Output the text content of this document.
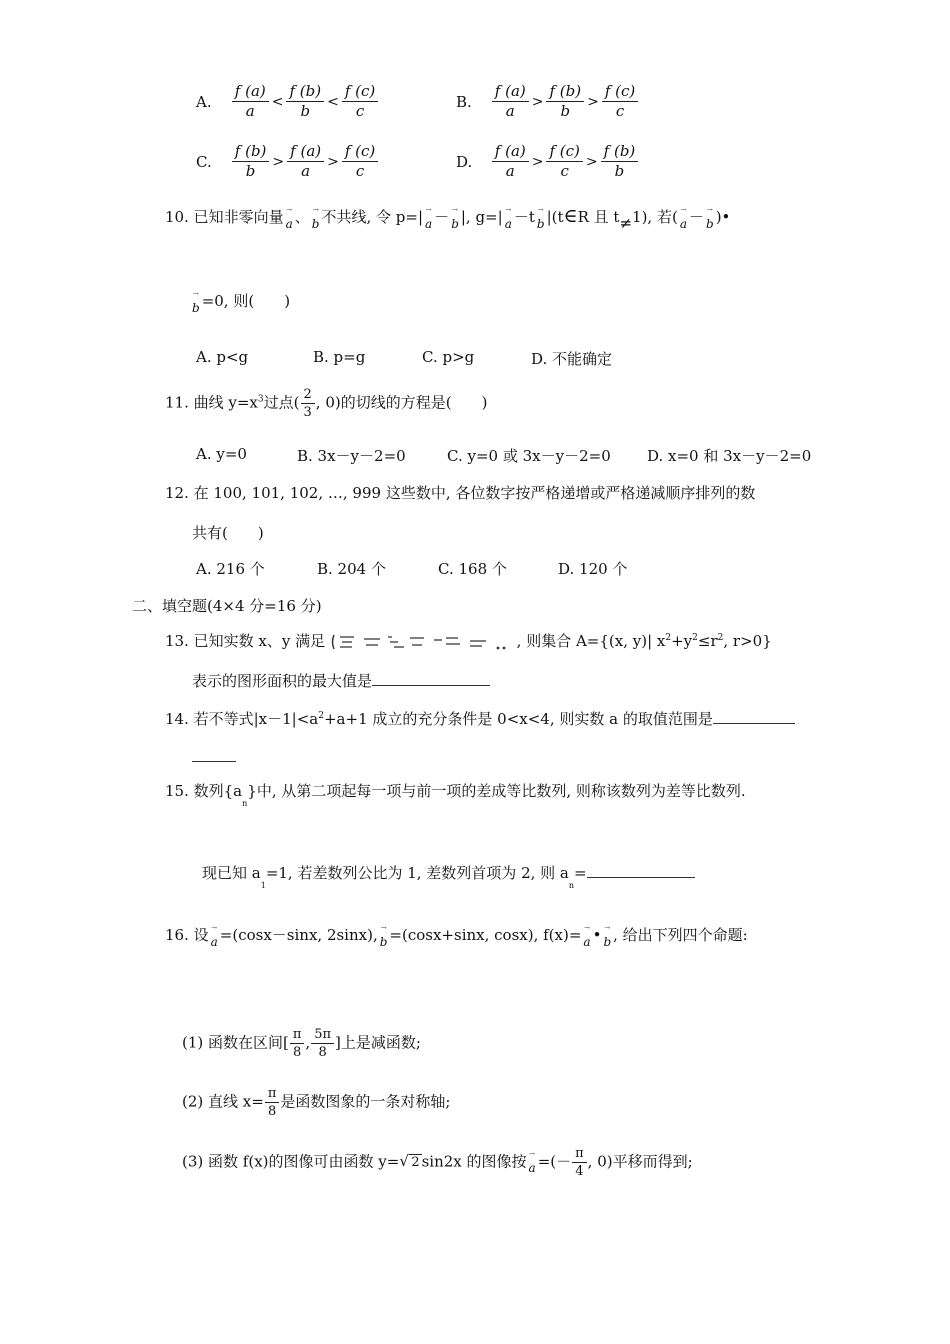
A. $\frac{f (a)}{a} < \frac{f (b)}{b} < \frac{f (c)}{c}$	B. $\frac{f (a)}{a} > \frac{f (b)}{b} > \frac{f (c)}{c}$
C. $\frac{f (b)}{b} > \frac{f (a)}{a} > \frac{f (c)}{c}$	D. $\frac{f (a)}{a} > \frac{f (c)}{c} > \frac{f (b)}{b}$
10. 已知非零向量 →
a 、 →
b 不共线, 令 p=| →
a － →
b |, g=| →
a －t →
b |(t∈R 且 t≠1), 若( →
a － →
b )•
→
b =0, 则(　　)
A. p<g	B. p=g	C. p>g	D. 不能确定
11. 曲线 $y=x^3$过点( $\frac{2}{3}$ , 0)的切线的方程是(　　)
A. y=0	B. 3x－y－2=0	C. y=0 或 3x－y－2=0 D. x=0 和 3x－y－2=0
12. 在 100, 101, 102, …, 999 这些数中, 各位数字按严格递增或严格递减顺序排列的数
共有(　　)
A. 216 个	B. 204 个	C. 168 个	D. 120 个
二、填空题(4×4 分=16 分)
13. 已知实数 x、y 满足	, 则集合 A={(x, y)| $x^2+y^2\le r^2$, r>0}
表示的图形面积的最大值是
14. 若不等式$|x-1|<a^2+a+1$ 成立的充分条件是 0<x<4, 则实数 a 的取值范围是
15. 数列$\{a_n\}$中, 从第二项起每一项与前一项的差成等比数列, 则称该数列为差等比数列.
现已知 $a_1=1$, 若差数列公比为 1, 差数列首项为 2, 则 $a_n=$
16. 设 →
a =(cosx－sinx, 2sinx), →
b =(cosx+sinx, cosx), f(x)= →
a • →
b , 给出下列四个命题:
(1) 函数在区间[ $\frac{\pi}{8}$ , $\frac{5\pi}{8}$ ]上是减函数;
(2) 直线 $x= \frac{\pi}{8}$ 是函数图象的一条对称轴;
(3) 函数 f(x)的图像可由函数 y= √ 2 sin2x 的图像按 →
a =(－ $\frac{\pi}{4}$ , 0)平移而得到;
